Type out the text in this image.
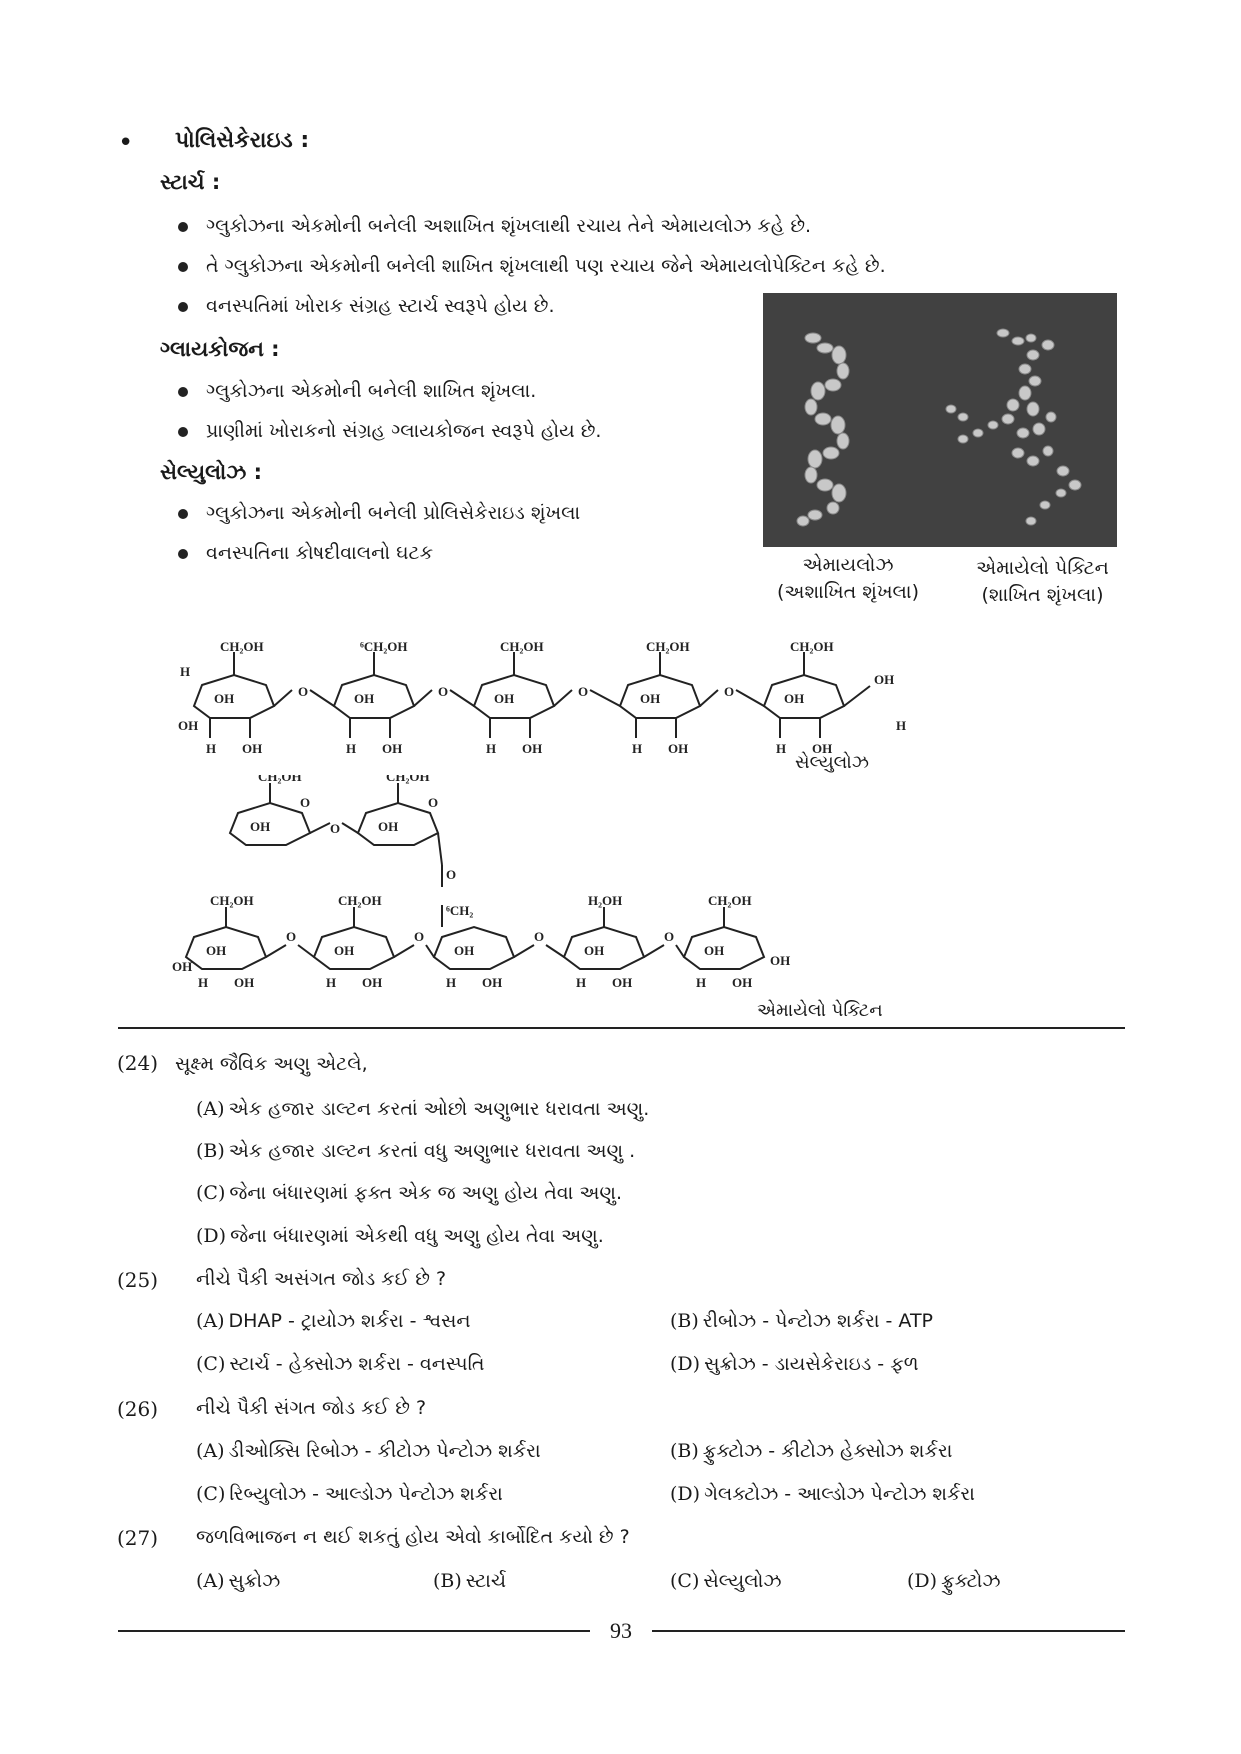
• પોલિસેકેરાઇડ :
સ્ટાર્ચ :
ગ્લુકોઝના એકમોની બનેલી અશાખિત શૃંખલાથી રચાય તેને એમાયલોઝ કહે છે.
તે ગ્લુકોઝના એકમોની બનેલી શાખિત શૃંખલાથી પણ રચાય જેને એમાયલોપેક્ટિન કહે છે.
વનસ્પતિમાં ખોરાક સંગ્રહ સ્ટાર્ચ સ્વરૂપે હોય છે.
ગ્લાયકોજન :
ગ્લુકોઝના એકમોની બનેલી શાખિત શૃંખલા.
પ્રાણીમાં ખોરાકનો સંગ્રહ ગ્લાયકોજન સ્વરૂપે હોય છે.
સેલ્યુલોઝ :
ગ્લુકોઝના એકમોની બનેલી પ્રોલિસેકેરાઇડ શૃંખલા
વનસ્પતિના કોષદીવાલનો ઘટક
એમાયલોઝ
(અશાખિત શૃંખલા)
એમાયેલો પેક્ટિન
(શાખિત શૃંખલા)
CH₂OH	⁶CH₂OH	CH₂OH	CH₂OH	CH₂OH
O	O	O	O
OH
H
OH	OH	OH	OH	OH
OH
H OH	H OH	H OH	H OH	H OH
H
સેલ્યુલોઝ
CH₂OH	CH₂OH
O	O
O
OH	OH
O
CH₂OH	CH₂OH
⁶CH₂
H₂OH	CH₂OH
O	O	O	O
OH	OH	OH	OH	OH
OH	OH
H OH	H OH	H OH	H OH	H OH
એમાયેલો પેક્ટિન
(24) સૂક્ષ્મ જૈવિક અણુ એટલે,
(A) એક હજાર ડાલ્ટન કરતાં ઓછો અણુભાર ધરાવતા અણુ.
(B) એક હજાર ડાલ્ટન કરતાં વધુ અણુભાર ધરાવતા અણુ .
(C) જેના બંધારણમાં ફક્ત એક જ અણુ હોય તેવા અણુ.
(D) જેના બંધારણમાં એકથી વધુ અણુ હોય તેવા અણુ.
(25) નીચે પૈકી અસંગત જોડ કઈ છે ?
(A) DHAP - ટ્રાયોઝ શર્કરા - શ્વસન	(B) રીબોઝ - પેન્ટોઝ શર્કરા - ATP
(C) સ્ટાર્ચ - હેક્સોઝ શર્કરા - વનસ્પતિ	(D) સુક્રોઝ - ડાયસેકેરાઇડ - ફળ
(26) નીચે પૈકી સંગત જોડ કઈ છે ?
(A) ડીઓક્સિ રિબોઝ - કીટોઝ પેન્ટોઝ શર્કરા	(B) ફ્રુક્ટોઝ - કીટોઝ હેક્સોઝ શર્કરા
(C) રિબ્યુલોઝ - આલ્ડોઝ પેન્ટોઝ શર્કરા	(D) ગેલક્ટોઝ - આલ્ડોઝ પેન્ટોઝ શર્કરા
(27) જળવિભાજન ન થઈ શકતું હોય એવો કાર્બોદિત કયો છે ?
(A) સુક્રોઝ	(B) સ્ટાર્ચ	(C) સેલ્યુલોઝ	(D) ફ્રુક્ટોઝ
93
